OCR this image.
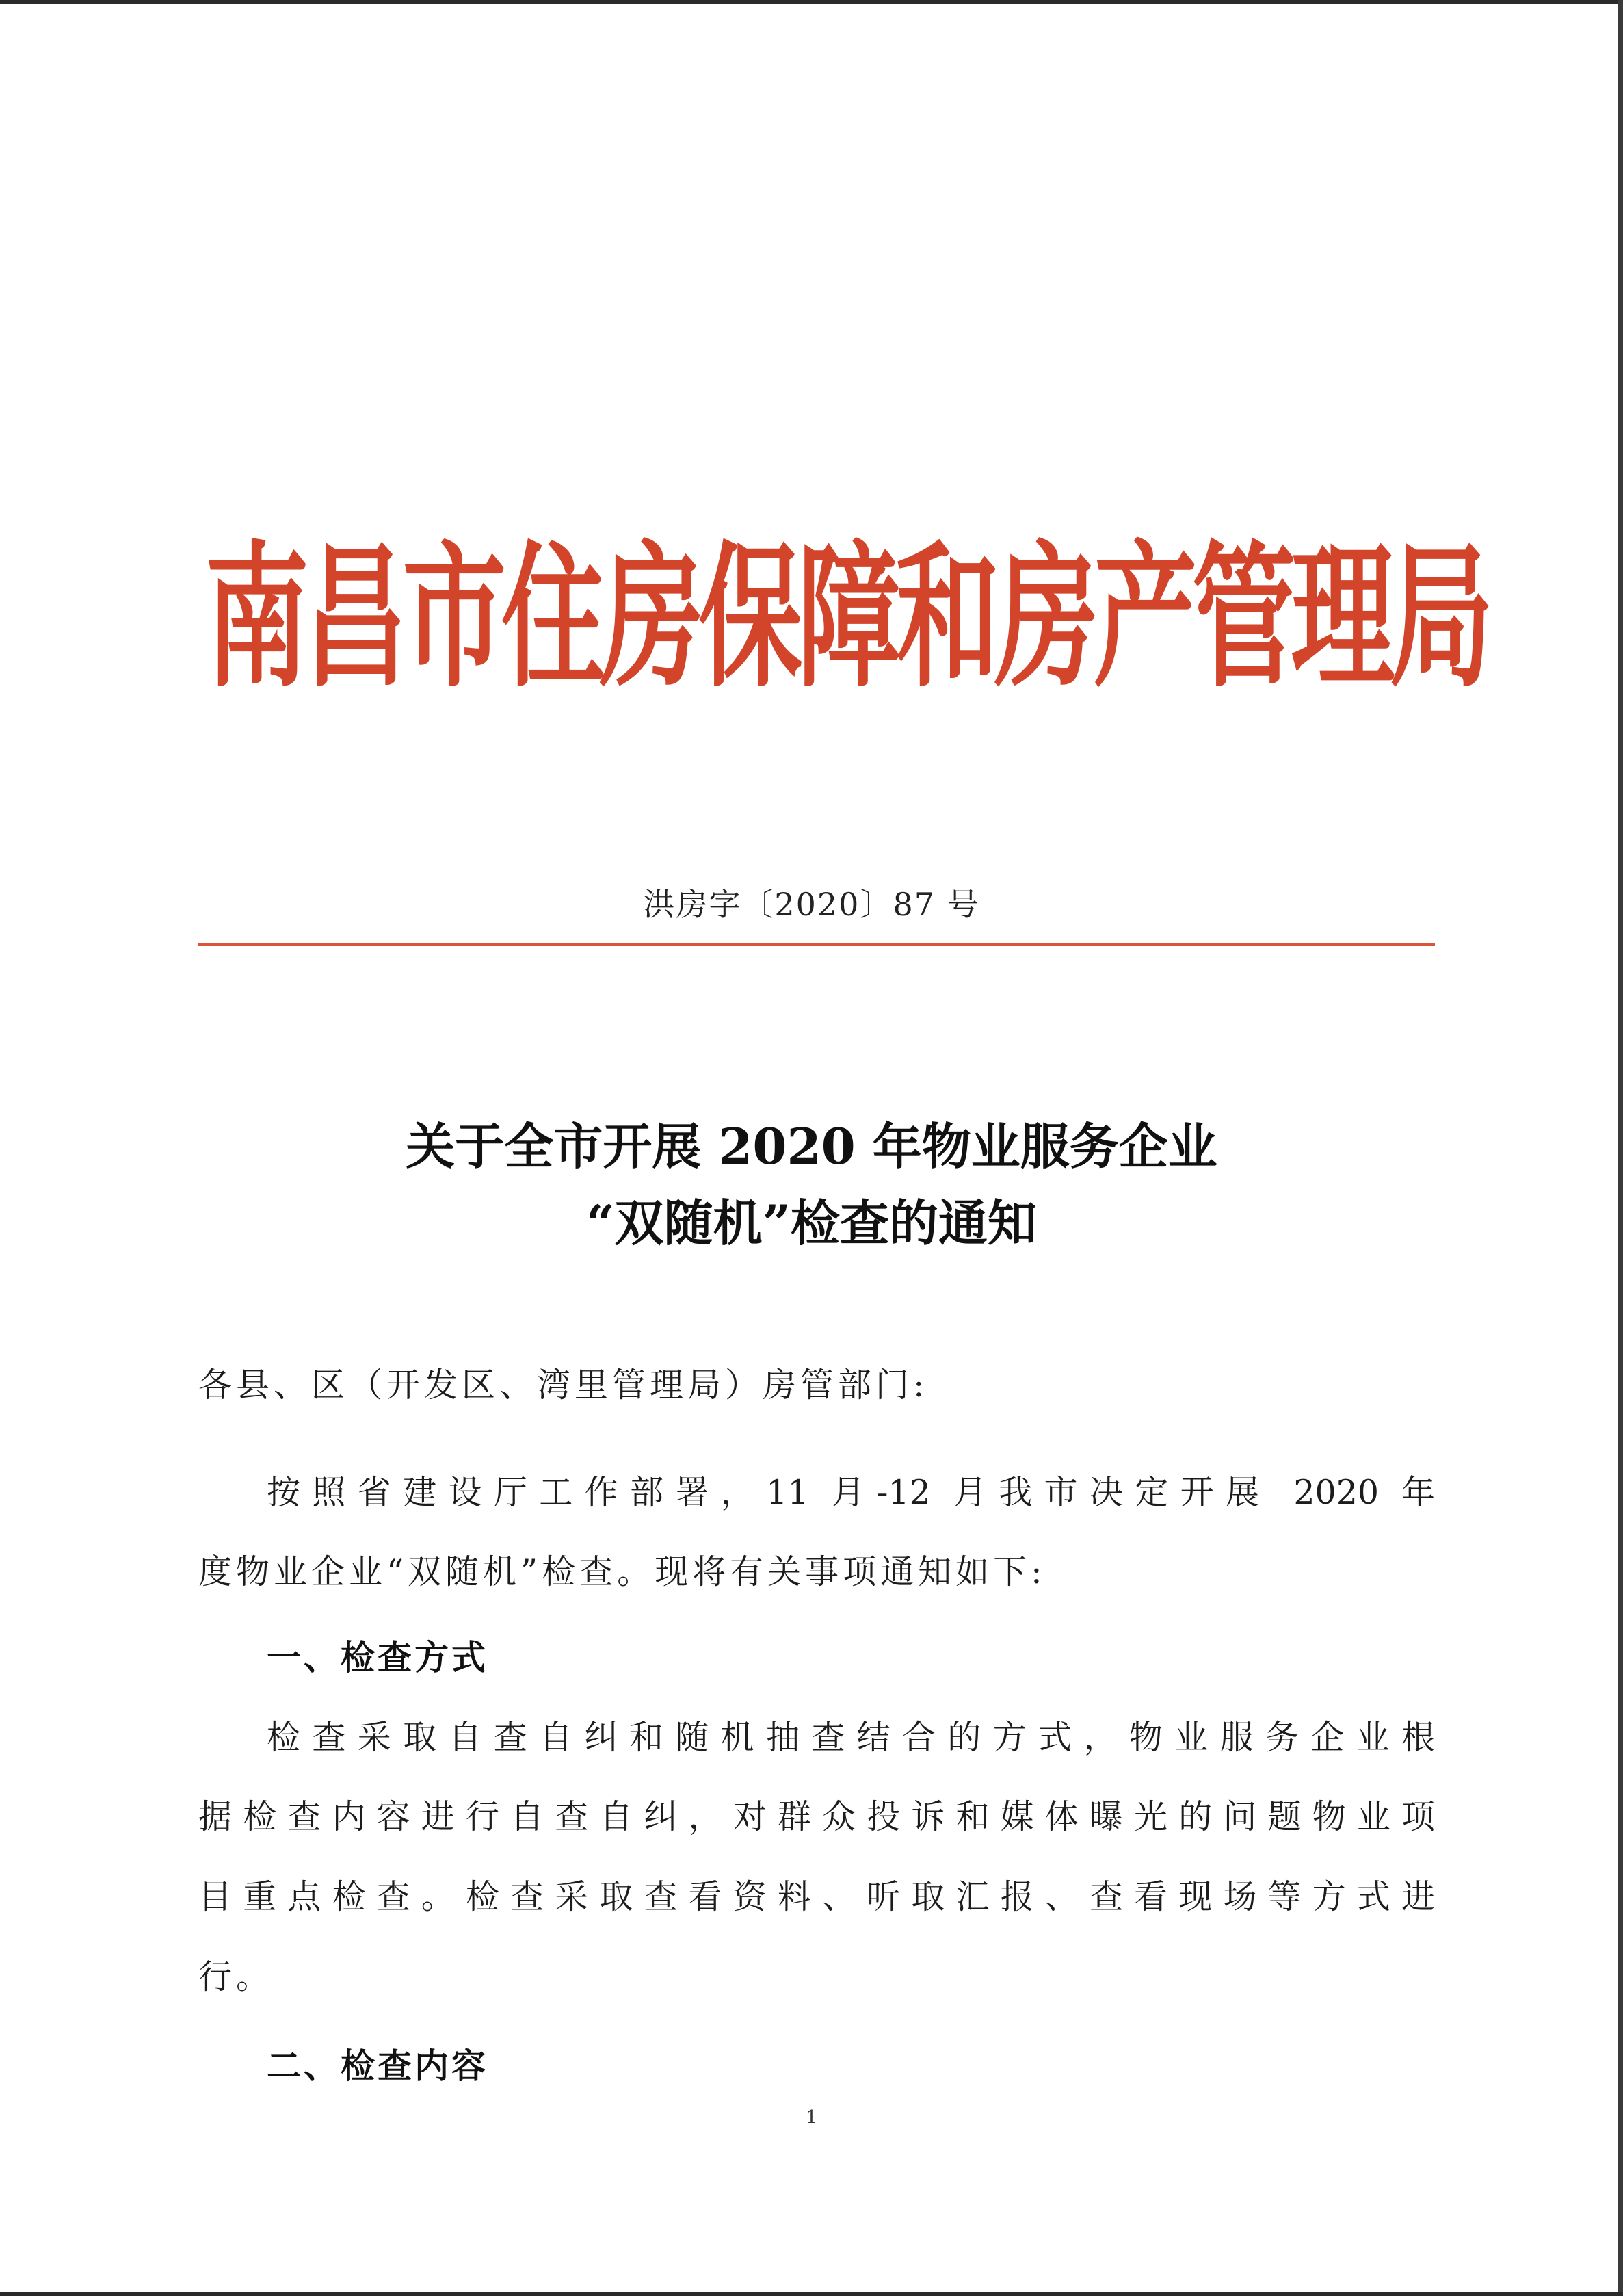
南昌市住房保障和房产管理局
洪房字〔2020〕87 号
关于全市开展 2020 年物业服务企业
“双随机”检查的通知
各县、区（开发区、湾里管理局）房管部门:
按照省建设厅工作部署，11 月-12 月我市决定开展 2020 年
度物业企业“双随机”检查。现将有关事项通知如下:
一、检查方式
检查采取自查自纠和随机抽查结合的方式，物业服务企业根
据检查内容进行自查自纠，对群众投诉和媒体曝光的问题物业项
目重点检查。检查采取查看资料、听取汇报、查看现场等方式进
行。
二、检查内容
1
